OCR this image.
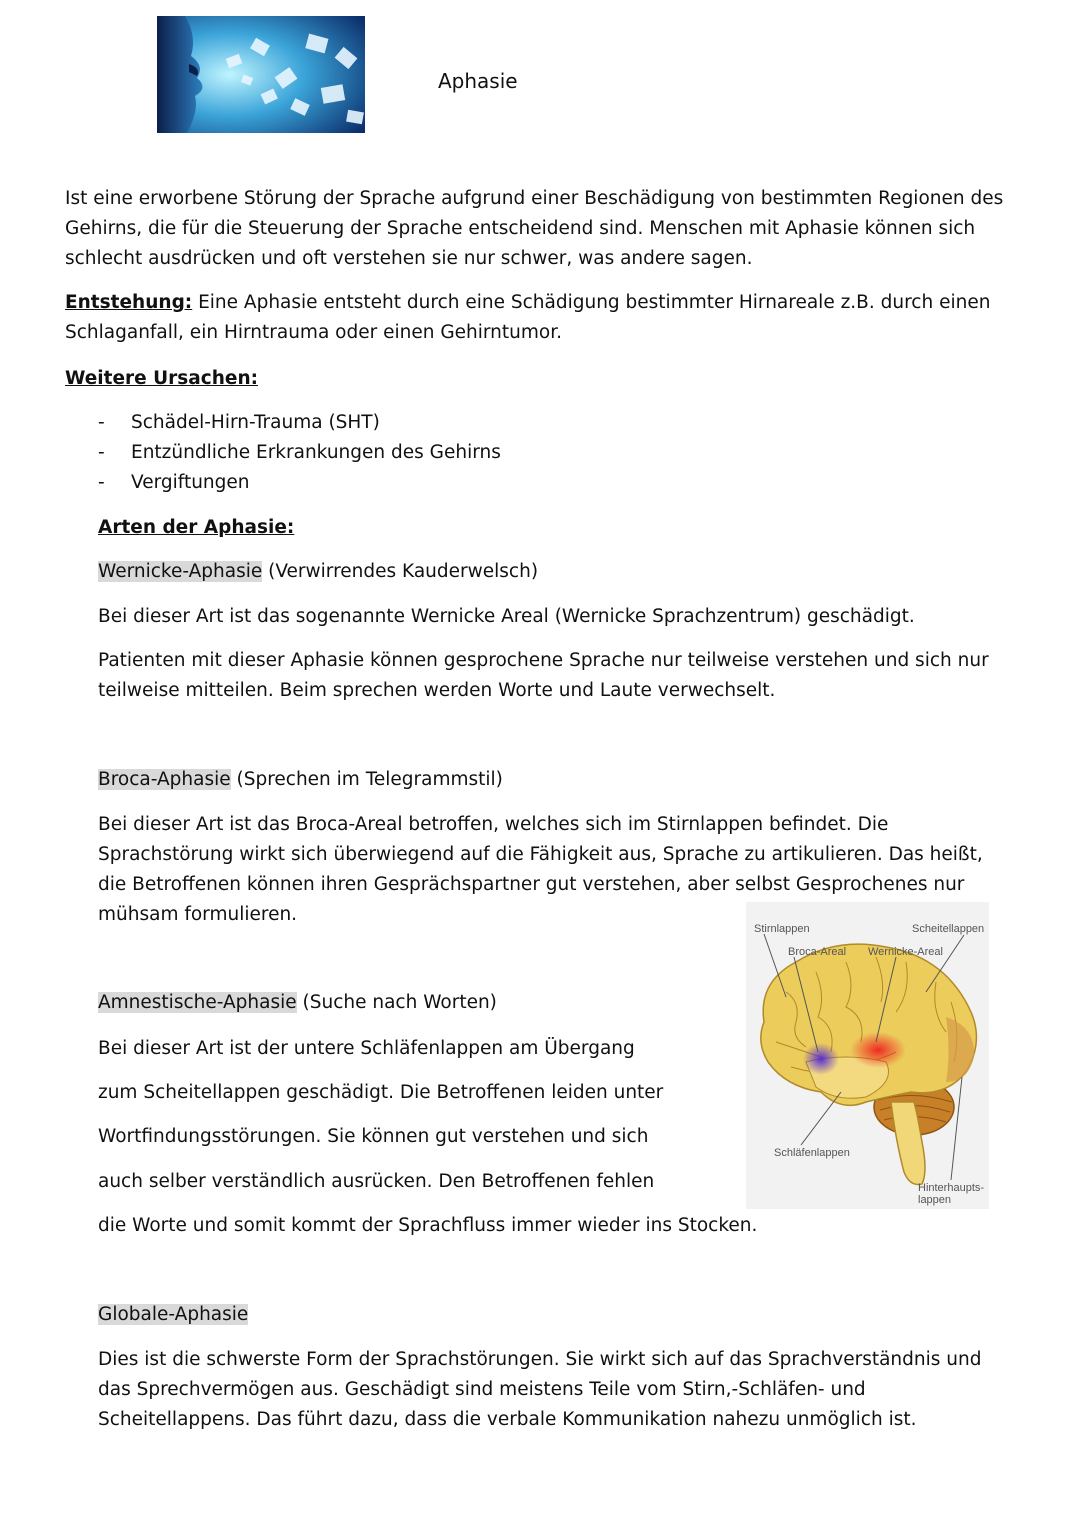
Aphasie
Ist eine erworbene Störung der Sprache aufgrund einer Beschädigung von bestimmten Regionen des
Gehirns, die für die Steuerung der Sprache entscheidend sind. Menschen mit Aphasie können sich
schlecht ausdrücken und oft verstehen sie nur schwer, was andere sagen.
Entstehung: Eine Aphasie entsteht durch eine Schädigung bestimmter Hirnareale z.B. durch einen
Schlaganfall, ein Hirntrauma oder einen Gehirntumor.
Weitere Ursachen:
- Schädel-Hirn-Trauma (SHT)
- Entzündliche Erkrankungen des Gehirns
- Vergiftungen
Arten der Aphasie:
Wernicke-Aphasie (Verwirrendes Kauderwelsch)
Bei dieser Art ist das sogenannte Wernicke Areal (Wernicke Sprachzentrum) geschädigt.
Patienten mit dieser Aphasie können gesprochene Sprache nur teilweise verstehen und sich nur
teilweise mitteilen. Beim sprechen werden Worte und Laute verwechselt.
Broca-Aphasie (Sprechen im Telegrammstil)
Bei dieser Art ist das Broca-Areal betroffen, welches sich im Stirnlappen befindet. Die
Sprachstörung wirkt sich überwiegend auf die Fähigkeit aus, Sprache zu artikulieren. Das heißt,
die Betroffenen können ihren Gesprächspartner gut verstehen, aber selbst Gesprochenes nur
mühsam formulieren.
Stirnlappen	Scheitellappen
Broca-Areal Wernicke-Areal
Schläfenlappen
Hinterhaupts-
lappen
Amnestische-Aphasie (Suche nach Worten)
Bei dieser Art ist der untere Schläfenlappen am Übergang
zum Scheitellappen geschädigt. Die Betroffenen leiden unter
Wortfindungsstörungen. Sie können gut verstehen und sich
auch selber verständlich ausrücken. Den Betroffenen fehlen
die Worte und somit kommt der Sprachfluss immer wieder ins Stocken.
Globale-Aphasie
Dies ist die schwerste Form der Sprachstörungen. Sie wirkt sich auf das Sprachverständnis und
das Sprechvermögen aus. Geschädigt sind meistens Teile vom Stirn,-Schläfen- und
Scheitellappens. Das führt dazu, dass die verbale Kommunikation nahezu unmöglich ist.
